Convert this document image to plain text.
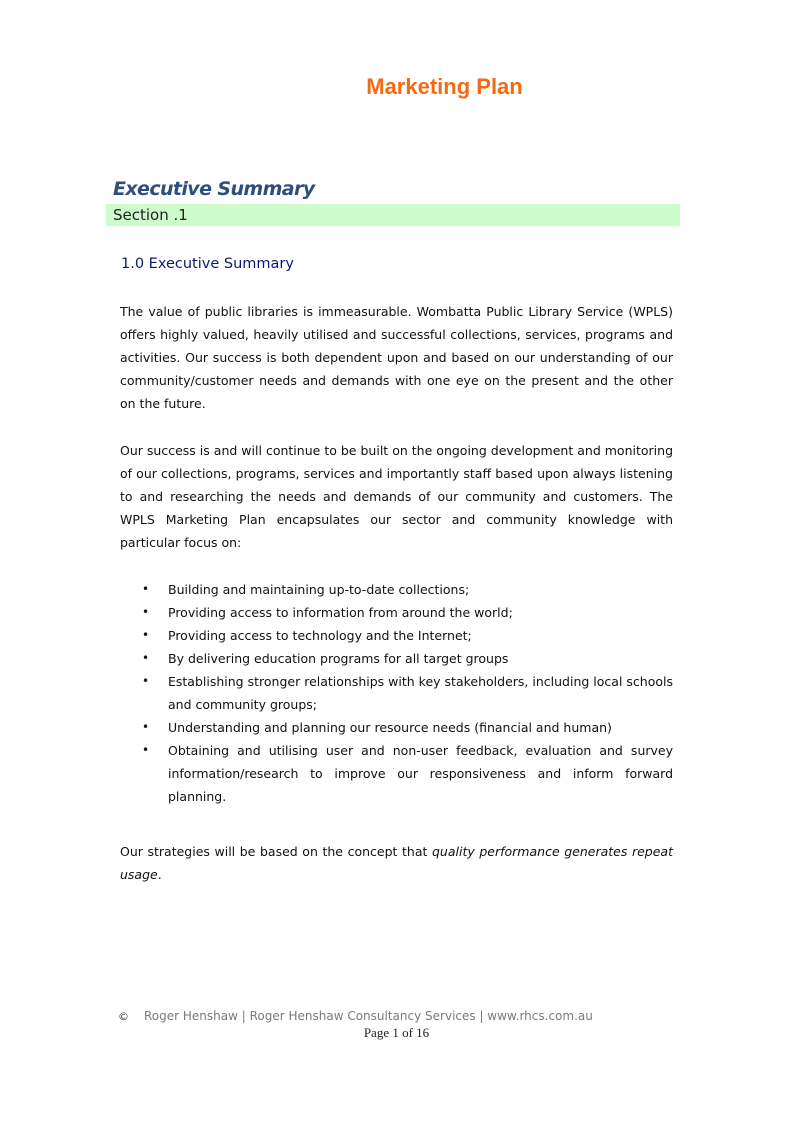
Marketing Plan
Executive Summary
Section .1
1.0 Executive Summary

The value of public libraries is immeasurable. Wombatta Public Library Service (WPLS) offers highly valued, heavily utilised and successful collections, services, programs and activities. Our success is both dependent upon and based on our understanding of our community/customer needs and demands with one eye on the present and the other on the future.

Our success is and will continue to be built on the ongoing development and monitoring of our collections, programs, services and importantly staff based upon always listening to and researching the needs and demands of our community and customers. The WPLS Marketing Plan encapsulates our sector and community knowledge with particular focus on:

• Building and maintaining up-to-date collections;
• Providing access to information from around the world;
• Providing access to technology and the Internet;
• By delivering education programs for all target groups
• Establishing stronger relationships with key stakeholders, including local schools and community groups;
• Understanding and planning our resource needs (financial and human)
• Obtaining and utilising user and non-user feedback, evaluation and survey information/research to improve our responsiveness and inform forward planning.

Our strategies will be based on the concept that quality performance generates repeat usage.

© Roger Henshaw | Roger Henshaw Consultancy Services | www.rhcs.com.au
Page 1 of 16
